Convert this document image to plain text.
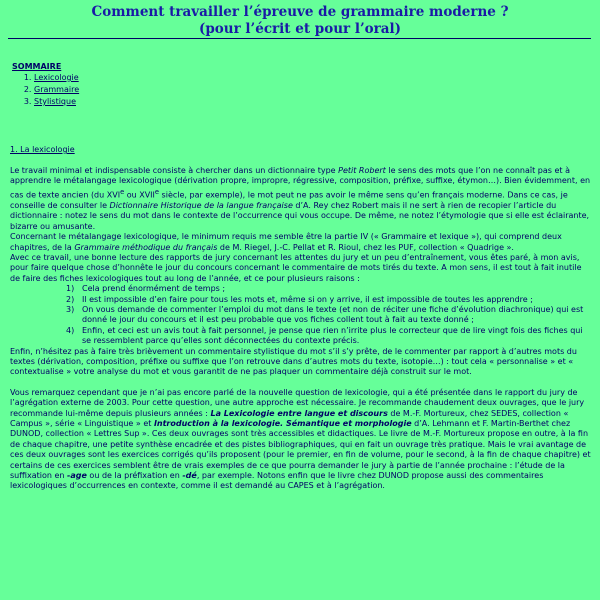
Comment travailler l’épreuve de grammaire moderne ?
(pour l’écrit et pour l’oral)
SOMMAIRE
1. Lexicologie
2. Grammaire
3. Stylistique
1. La lexicologie

Le travail minimal et indispensable consiste à chercher dans un dictionnaire type Petit Robert le sens des mots que l’on ne connaît pas et à apprendre le métalangage lexicologique (dérivation propre, impropre, régressive, composition, préfixe, suffixe, étymon…). Bien évidemment, en cas de texte ancien (du XVIe ou XVIIe siècle, par exemple), le mot peut ne pas avoir le même sens qu’en français moderne. Dans ce cas, je conseille de consulter le Dictionnaire Historique de la langue française d’A. Rey chez Robert mais il ne sert à rien de recopier l’article du dictionnaire : notez le sens du mot dans le contexte de l’occurrence qui vous occupe. De même, ne notez l’étymologie que si elle est éclairante, bizarre ou amusante.

Concernant le métalangage lexicologique, le minimum requis me semble être la partie IV (« Grammaire et lexique »), qui comprend deux chapitres, de la Grammaire méthodique du français de M. Riegel, J.-C. Pellat et R. Rioul, chez les PUF, collection « Quadrige ».

Avec ce travail, une bonne lecture des rapports de jury concernant les attentes du jury et un peu d’entraînement, vous êtes paré, à mon avis, pour faire quelque chose d’honnête le jour du concours concernant le commentaire de mots tirés du texte. A mon sens, il est tout à fait inutile de faire des fiches lexicologiques tout au long de l’année, et ce pour plusieurs raisons :

1) Cela prend énormément de temps ;
2) Il est impossible d’en faire pour tous les mots et, même si on y arrive, il est impossible de toutes les apprendre ;
3) On vous demande de commenter l’emploi du mot dans le texte (et non de réciter une fiche d’évolution diachronique) qui est donné le jour du concours et il est peu probable que vos fiches collent tout à fait au texte donné ;
4) Enfin, et ceci est un avis tout à fait personnel, je pense que rien n’irrite plus le correcteur que de lire vingt fois des fiches qui se ressemblent parce qu’elles sont déconnectées du contexte précis.

Enfin, n’hésitez pas à faire très brièvement un commentaire stylistique du mot s’il s’y prête, de le commenter par rapport à d’autres mots du textes (dérivation, composition, préfixe ou suffixe que l’on retrouve dans d’autres mots du texte, isotopie…) : tout cela « personnalise » et « contextualise » votre analyse du mot et vous garantit de ne pas plaquer un commentaire déjà construit sur le mot.

Vous remarquez cependant que je n’ai pas encore parlé de la nouvelle question de lexicologie, qui a été présentée dans le rapport du jury de l’agrégation externe de 2003. Pour cette question, une autre approche est nécessaire. Je recommande chaudement deux ouvrages, que le jury recommande lui-même depuis plusieurs années : La Lexicologie entre langue et discours de M.-F. Mortureux, chez SEDES, collection « Campus », série « Linguistique » et Introduction à la lexicologie. Sémantique et morphologie d’A. Lehmann et F. Martin-Berthet chez DUNOD, collection « Lettres Sup ». Ces deux ouvrages sont très accessibles et didactiques. Le livre de M.-F. Mortureux propose en outre, à la fin de chaque chapitre, une petite synthèse encadrée et des pistes bibliographiques, qui en fait un ouvrage très pratique. Mais le vrai avantage de ces deux ouvrages sont les exercices corrigés qu’ils proposent (pour le premier, en fin de volume, pour le second, à la fin de chaque chapitre) et certains de ces exercices semblent être de vrais exemples de ce que pourra demander le jury à partie de l’année prochaine : l’étude de la suffixation en -age ou de la préfixation en -dé, par exemple. Notons enfin que le livre chez DUNOD propose aussi des commentaires lexicologiques d’occurrences en contexte, comme il est demandé au CAPES et à l’agrégation.
